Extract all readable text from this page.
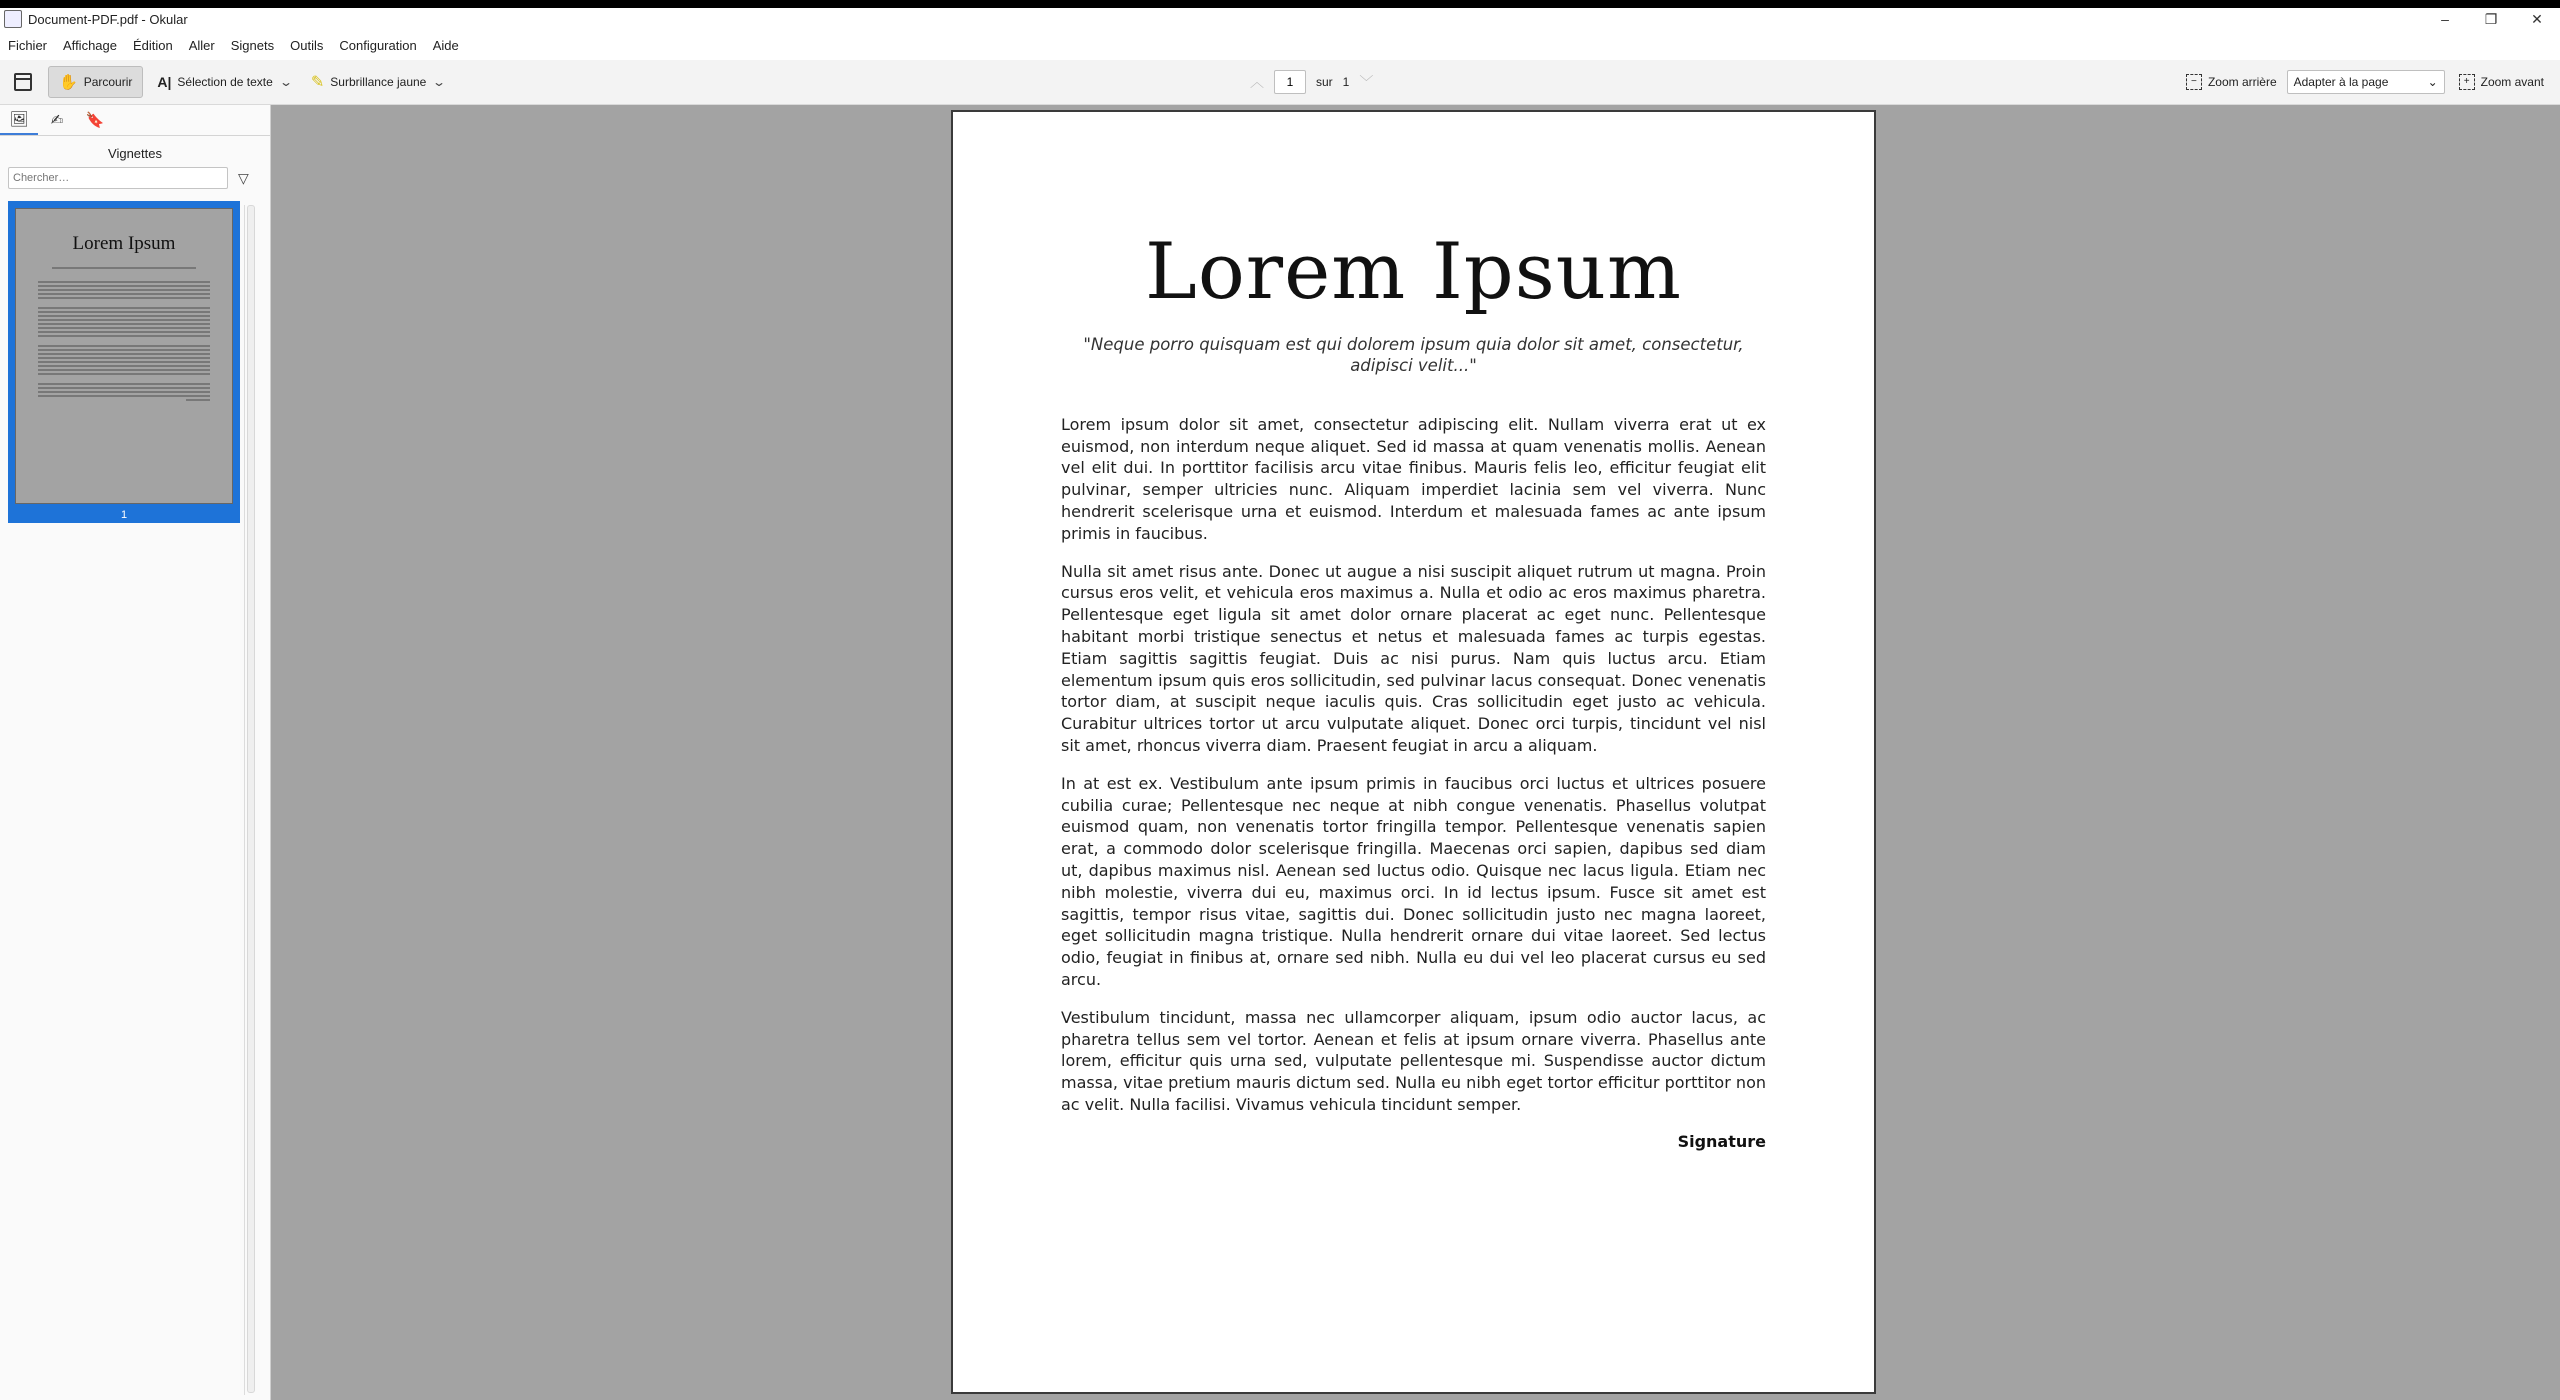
Document-PDF.pdf - Okular	–	❐	✕
Fichier	Affichage	Édition	Aller	Signets	Outils	Configuration	Aide
✋ Parcourir A| Sélection de texte ⌄ ✎ Surbrillance jaune ⌄	︿
1	sur 1 ﹀	− Zoom arrière Adapter à la page	⌄	+ Zoom avant
🖼 ✍ 🔖
Vignettes
Chercher…
▽
Lorem Ipsum
1
Lorem Ipsum
"Neque porro quisquam est qui dolorem ipsum quia dolor sit amet, consectetur, adipisci velit..."

Lorem ipsum dolor sit amet, consectetur adipiscing elit. Nullam viverra erat ut ex euismod, non interdum neque aliquet. Sed id massa at quam venenatis mollis. Aenean vel elit dui. In porttitor facilisis arcu vitae finibus. Mauris felis leo, efficitur feugiat elit pulvinar, semper ultricies nunc. Aliquam imperdiet lacinia sem vel viverra. Nunc hendrerit scelerisque urna et euismod. Interdum et malesuada fames ac ante ipsum primis in faucibus.

Nulla sit amet risus ante. Donec ut augue a nisi suscipit aliquet rutrum ut magna. Proin cursus eros velit, et vehicula eros maximus a. Nulla et odio ac eros maximus pharetra. Pellentesque eget ligula sit amet dolor ornare placerat ac eget nunc. Pellentesque habitant morbi tristique senectus et netus et malesuada fames ac turpis egestas. Etiam sagittis sagittis feugiat. Duis ac nisi purus. Nam quis luctus arcu. Etiam elementum ipsum quis eros sollicitudin, sed pulvinar lacus consequat. Donec venenatis tortor diam, at suscipit neque iaculis quis. Cras sollicitudin eget justo ac vehicula. Curabitur ultrices tortor ut arcu vulputate aliquet. Donec orci turpis, tincidunt vel nisl sit amet, rhoncus viverra diam. Praesent feugiat in arcu a aliquam.

In at est ex. Vestibulum ante ipsum primis in faucibus orci luctus et ultrices posuere cubilia curae; Pellentesque nec neque at nibh congue venenatis. Phasellus volutpat euismod quam, non venenatis tortor fringilla tempor. Pellentesque venenatis sapien erat, a commodo dolor scelerisque fringilla. Maecenas orci sapien, dapibus sed diam ut, dapibus maximus nisl. Aenean sed luctus odio. Quisque nec lacus ligula. Etiam nec nibh molestie, viverra dui eu, maximus orci. In id lectus ipsum. Fusce sit amet est sagittis, tempor risus vitae, sagittis dui. Donec sollicitudin justo nec magna laoreet, eget sollicitudin magna tristique. Nulla hendrerit ornare dui vitae laoreet. Sed lectus odio, feugiat in finibus at, ornare sed nibh. Nulla eu dui vel leo placerat cursus eu sed arcu.

Vestibulum tincidunt, massa nec ullamcorper aliquam, ipsum odio auctor lacus, ac pharetra tellus sem vel tortor. Aenean et felis at ipsum ornare viverra. Phasellus ante lorem, efficitur quis urna sed, vulputate pellentesque mi. Suspendisse auctor dictum massa, vitae pretium mauris dictum sed. Nulla eu nibh eget tortor efficitur porttitor non ac velit. Nulla facilisi. Vivamus vehicula tincidunt semper.

Signature
